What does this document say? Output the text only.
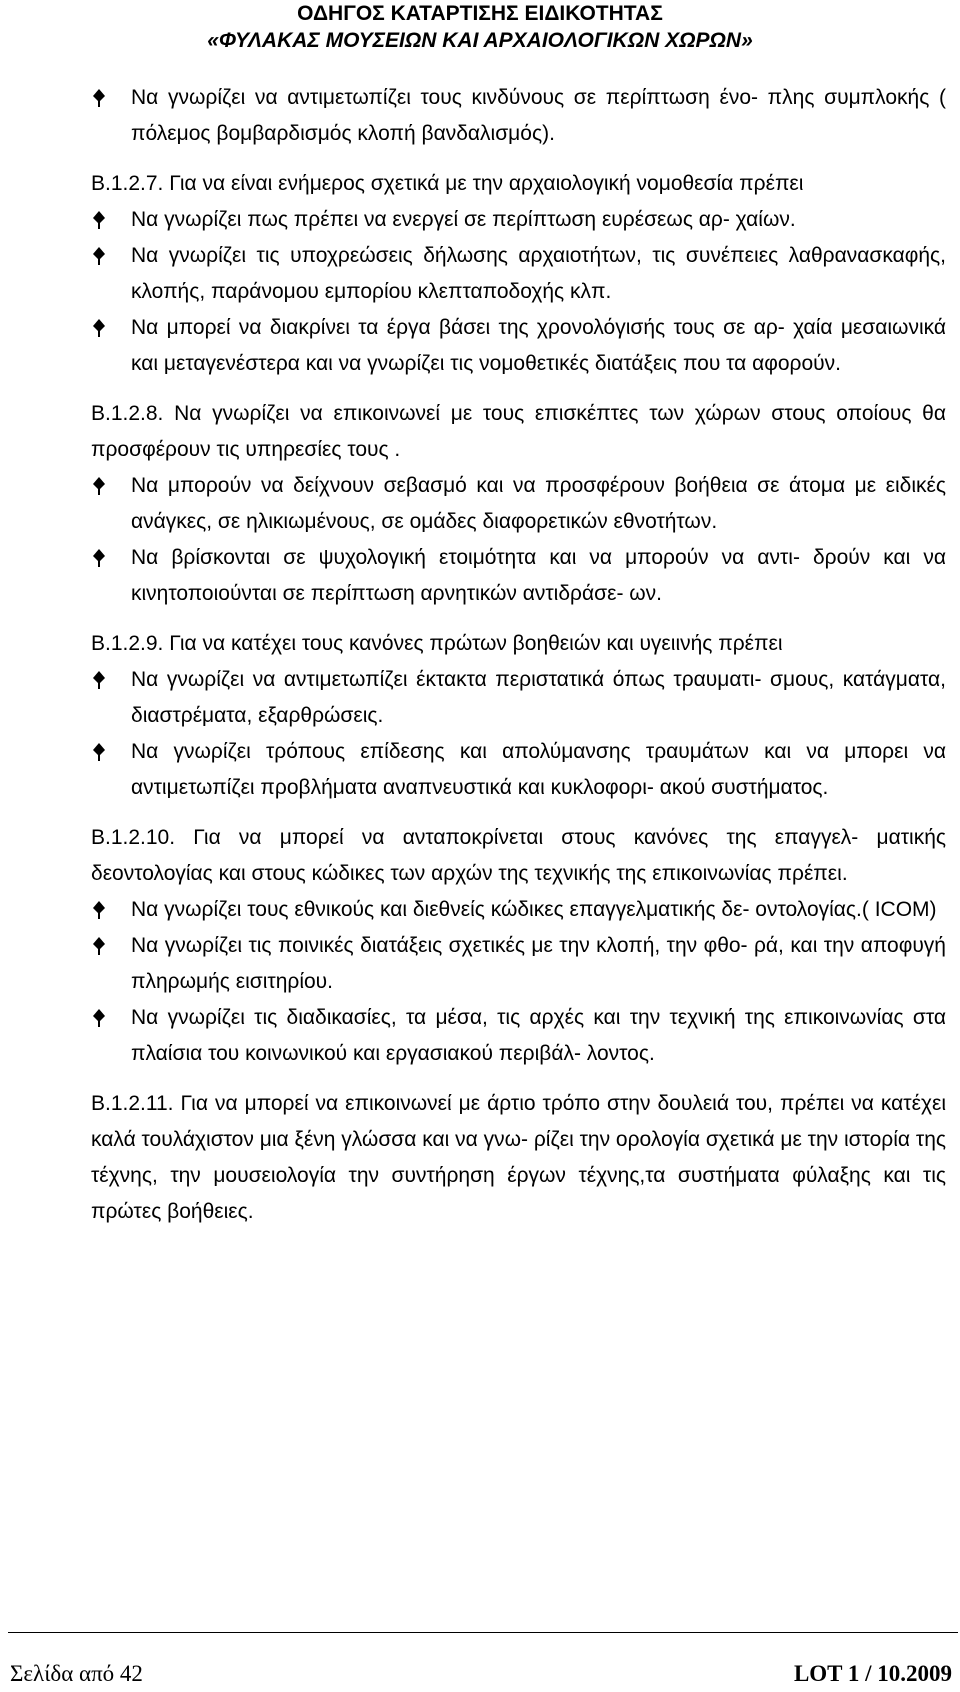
ΟΔΗΓΟΣ ΚΑΤΑΡΤΙΣΗΣ ΕΙΔΙΚΟΤΗΤΑΣ
«ΦΥΛΑΚΑΣ ΜΟΥΣΕΙΩΝ ΚΑΙ ΑΡΧΑΙΟΛΟΓΙΚΩΝ ΧΩΡΩΝ»

Να γνωρίζει να αντιμετωπίζει τους κινδύνους σε περίπτωση ένο- πλης συμπλοκής ( πόλεμος βομβαρδισμός κλοπή βανδαλισμός).

Β.1.2.7. Για να είναι ενήμερος σχετικά με την αρχαιολογική νομοθεσία πρέπει

Να γνωρίζει πως πρέπει να ενεργεί σε περίπτωση ευρέσεως αρ- χαίων.

Να γνωρίζει τις υποχρεώσεις δήλωσης αρχαιοτήτων, τις συνέπειες λαθρανασκαφής, κλοπής, παράνομου εμπορίου κλεπταποδοχής κλπ.

Να μπορεί να διακρίνει τα έργα βάσει της χρονολόγισής τους σε αρ- χαία μεσαιωνικά και μεταγενέστερα και να γνωρίζει τις νομοθετικές διατάξεις που τα αφορούν.

Β.1.2.8. Να γνωρίζει να επικοινωνεί με τους επισκέπτες των χώρων στους οποίους θα προσφέρουν τις υπηρεσίες τους .

Να μπορούν να δείχνουν σεβασμό και να προσφέρουν βοήθεια σε άτομα με ειδικές ανάγκες, σε ηλικιωμένους, σε ομάδες διαφορετικών εθνοτήτων.

Να βρίσκονται σε ψυχολογική ετοιμότητα και να μπορούν να αντι- δρούν και να κινητοποιούνται σε περίπτωση αρνητικών αντιδράσε- ων.

Β.1.2.9. Για να κατέχει τους κανόνες πρώτων βοηθειών και υγειινής πρέπει

Να γνωρίζει να αντιμετωπίζει έκτακτα περιστατικά όπως τραυματι- σμους, κατάγματα, διαστρέματα, εξαρθρώσεις.

Να γνωρίζει τρόπους επίδεσης και απολύμανσης τραυμάτων και να μπορει να αντιμετωπίζει προβλήματα αναπνευστικά και κυκλοφορι- ακού συστήματος.

Β.1.2.10. Για να μπορεί να ανταποκρίνεται στους κανόνες της επαγγελ- ματικής δεοντολογίας και στους κώδικες των αρχών της τεχνικής της επικοινωνίας πρέπει.

Να γνωρίζει τους εθνικούς και διεθνείς κώδικες επαγγελματικής δε- οντολογίας.( ICOM)

Να γνωρίζει τις ποινικές διατάξεις σχετικές με την κλοπή, την φθο- ρά, και την αποφυγή πληρωμής εισιτηρίου.

Να γνωρίζει τις διαδικασίες, τα μέσα, τις αρχές και την τεχνική της επικοινωνίας στα πλαίσια του κοινωνικού και εργασιακού περιβάλ- λοντος.

Β.1.2.11. Για να μπορεί να επικοινωνεί με άρτιο τρόπο στην δουλειά του, πρέπει να κατέχει καλά τουλάχιστον μια ξένη γλώσσα και να γνω- ρίζει την ορολογία σχετικά με την ιστορία της τέχνης, την μουσειολογία την συντήρηση έργων τέχνης,τα συστήματα φύλαξης και τις πρώτες βοήθειες.

Σελίδα από 42	LOT 1 / 10.2009
